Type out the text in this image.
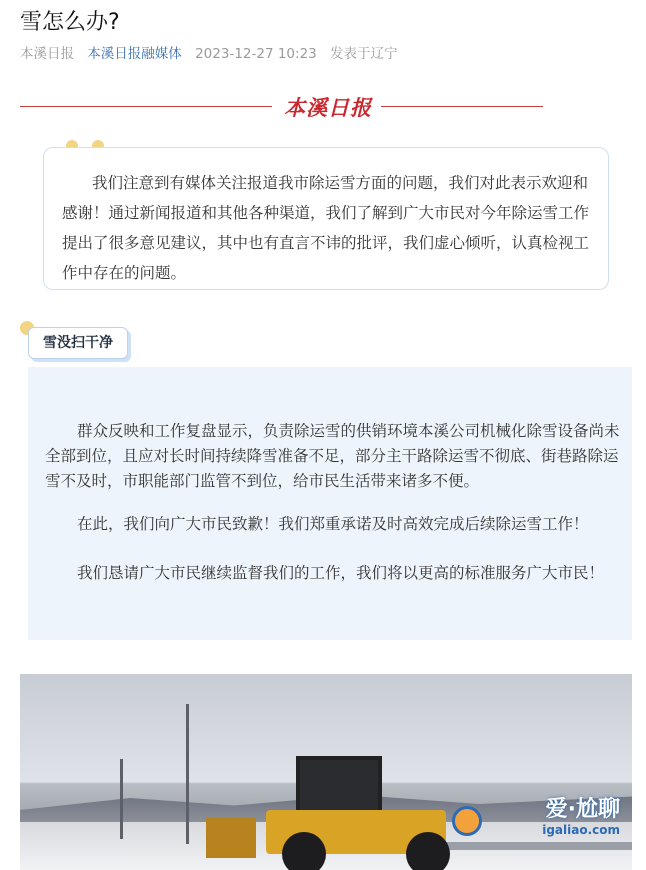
雪怎么办?
本溪日报 本溪日报融媒体 2023-12-27 10:23 发表于辽宁
本溪日报

我们注意到有媒体关注报道我市除运雪方面的问题，我们对此表示欢迎和感谢！通过新闻报道和其他各种渠道，我们了解到广大市民对今年除运雪工作提出了很多意见建议，其中也有直言不讳的批评，我们虚心倾听，认真检视工作中存在的问题。

雪没扫干净

群众反映和工作复盘显示，负责除运雪的供销环境本溪公司机械化除雪设备尚未全部到位，且应对长时间持续降雪准备不足，部分主干路除运雪不彻底、街巷路除运雪不及时，市职能部门监管不到位，给市民生活带来诸多不便。

在此，我们向广大市民致歉！我们郑重承诺及时高效完成后续除运雪工作！

我们恳请广大市民继续监督我们的工作，我们将以更高的标准服务广大市民！

爱·尬聊
igaliao.com
